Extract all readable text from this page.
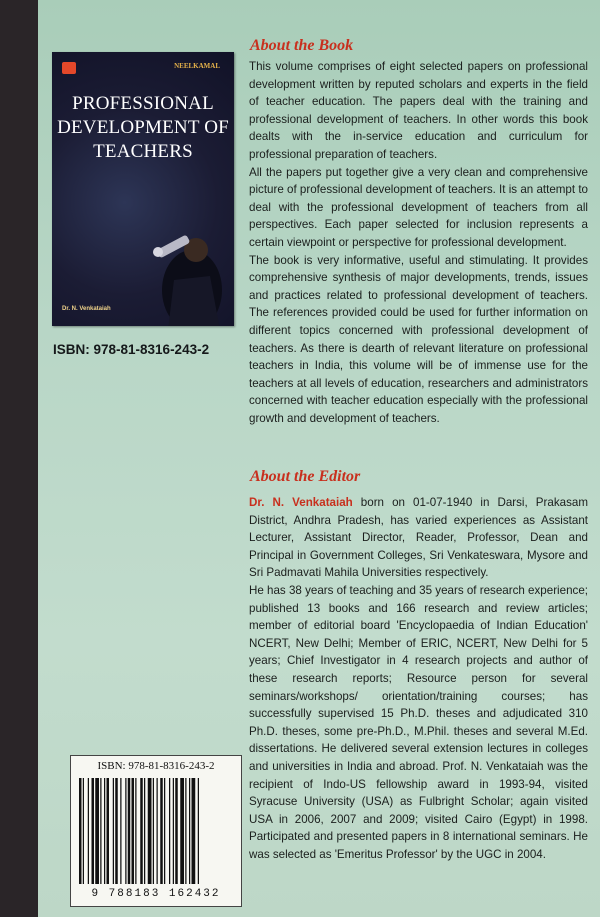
NEELKAMAL
PROFESSIONAL
DEVELOPMENT OF
TEACHERS
Dr. N. Venkataiah
ISBN: 978-81-8316-243-2
About the Book

This volume comprises of eight selected papers on professional development written by reputed scholars and experts in the field of teacher education. The papers deal with the training and professional development of teachers. In other words this book dealts with the in-service education and curriculum for professional preparation of teachers.

All the papers put together give a very clean and comprehensive picture of professional development of teachers. It is an attempt to deal with the professional development of teachers from all perspectives. Each paper selected for inclusion represents a certain viewpoint or perspective for professional development.

The book is very informative, useful and stimulating. It provides comprehensive synthesis of major developments, trends, issues and practices related to professional development of teachers. The references provided could be used for further information on different topics concerned with professional development of teachers. As there is dearth of relevant literature on professional teachers in India, this volume will be of immense use for the teachers at all levels of education, researchers and administrators concerned with teacher education especially with the professional growth and development of teachers.

About the Editor

Dr. N. Venkataiah born on 01-07-1940 in Darsi, Prakasam District, Andhra Pradesh, has varied experiences as Assistant Lecturer, Assistant Director, Reader, Professor, Dean and Principal in Government Colleges, Sri Venkateswara, Mysore and Sri Padmavati Mahila Universities respectively.

He has 38 years of teaching and 35 years of research experience; published 13 books and 166 research and review articles; member of editorial board 'Encyclopaedia of Indian Education' NCERT, New Delhi; Member of ERIC, NCERT, New Delhi for 5 years; Chief Investigator in 4 research projects and author of these research reports; Resource person for several seminars/workshops/ orientation/training courses; has successfully supervised 15 Ph.D. theses and adjudicated 310 Ph.D. theses, some pre-Ph.D., M.Phil. theses and several M.Ed. dissertations. He delivered several extension lectures in colleges and universities in India and abroad. Prof. N. Venkataiah was the recipient of Indo-US fellowship award in 1993-94, visited Syracuse University (USA) as Fulbright Scholar; again visited USA in 2006, 2007 and 2009; visited Cairo (Egypt) in 1998. Participated and presented papers in 8 international seminars. He was selected as 'Emeritus Professor' by the UGC in 2004.

ISBN: 978-81-8316-243-2
9 788183 162432
